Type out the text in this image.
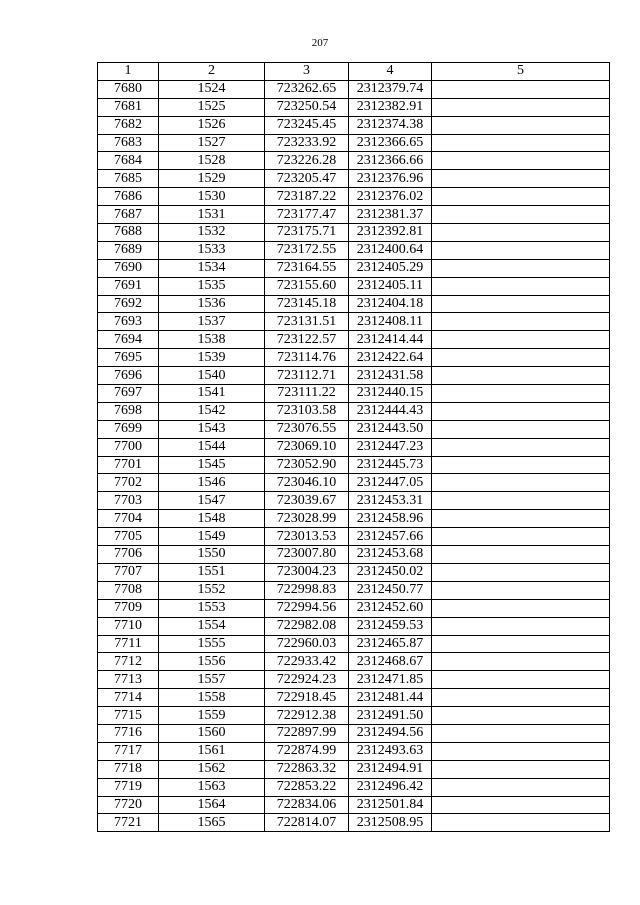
207
1	2	3	4	5
7680	1524	723262.65	2312379.74	
7681	1525	723250.54	2312382.91	
7682	1526	723245.45	2312374.38	
7683	1527	723233.92	2312366.65	
7684	1528	723226.28	2312366.66	
7685	1529	723205.47	2312376.96	
7686	1530	723187.22	2312376.02	
7687	1531	723177.47	2312381.37	
7688	1532	723175.71	2312392.81	
7689	1533	723172.55	2312400.64	
7690	1534	723164.55	2312405.29	
7691	1535	723155.60	2312405.11	
7692	1536	723145.18	2312404.18	
7693	1537	723131.51	2312408.11	
7694	1538	723122.57	2312414.44	
7695	1539	723114.76	2312422.64	
7696	1540	723112.71	2312431.58	
7697	1541	723111.22	2312440.15	
7698	1542	723103.58	2312444.43	
7699	1543	723076.55	2312443.50	
7700	1544	723069.10	2312447.23	
7701	1545	723052.90	2312445.73	
7702	1546	723046.10	2312447.05	
7703	1547	723039.67	2312453.31	
7704	1548	723028.99	2312458.96	
7705	1549	723013.53	2312457.66	
7706	1550	723007.80	2312453.68	
7707	1551	723004.23	2312450.02	
7708	1552	722998.83	2312450.77	
7709	1553	722994.56	2312452.60	
7710	1554	722982.08	2312459.53	
7711	1555	722960.03	2312465.87	
7712	1556	722933.42	2312468.67	
7713	1557	722924.23	2312471.85	
7714	1558	722918.45	2312481.44	
7715	1559	722912.38	2312491.50	
7716	1560	722897.99	2312494.56	
7717	1561	722874.99	2312493.63	
7718	1562	722863.32	2312494.91	
7719	1563	722853.22	2312496.42	
7720	1564	722834.06	2312501.84	
7721	1565	722814.07	2312508.95	
